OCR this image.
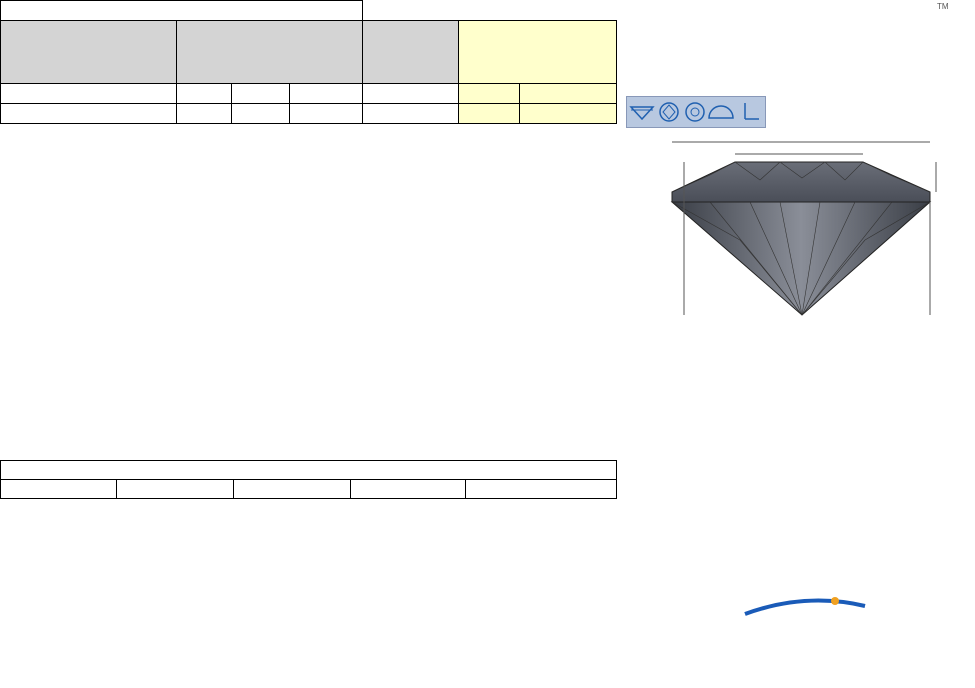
TM
